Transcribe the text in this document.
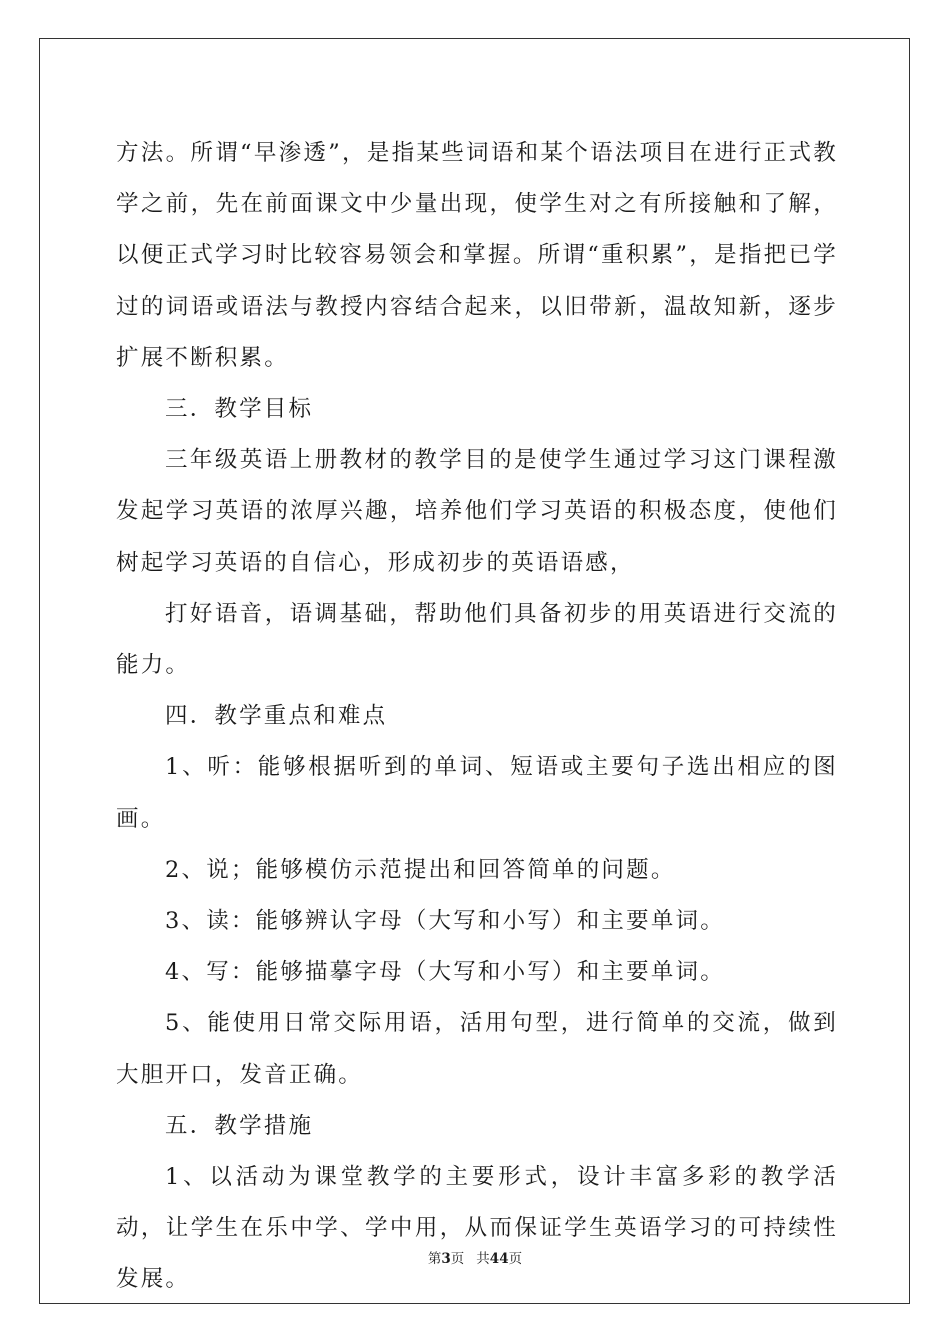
方法。所谓“早渗透”，是指某些词语和某个语法项目在进行正式教学之前，先在前面课文中少量出现，使学生对之有所接触和了解，以便正式学习时比较容易领会和掌握。所谓“重积累”，是指把已学过的词语或语法与教授内容结合起来，以旧带新，温故知新，逐步扩展不断积累。

三．教学目标

三年级英语上册教材的教学目的是使学生通过学习这门课程激发起学习英语的浓厚兴趣，培养他们学习英语的积极态度，使他们树起学习英语的自信心，形成初步的英语语感，

打好语音，语调基础，帮助他们具备初步的用英语进行交流的能力。

四．教学重点和难点

1、听：能够根据听到的单词、短语或主要句子选出相应的图画。

2、说；能够模仿示范提出和回答简单的问题。

3、读：能够辨认字母（大写和小写）和主要单词。

4、写：能够描摹字母（大写和小写）和主要单词。

5、能使用日常交际用语，活用句型，进行简单的交流，做到大胆开口，发音正确。

五．教学措施

1、以活动为课堂教学的主要形式，设计丰富多彩的教学活动，让学生在乐中学、学中用，从而保证学生英语学习的可持续性发展。

第3页 共44页
